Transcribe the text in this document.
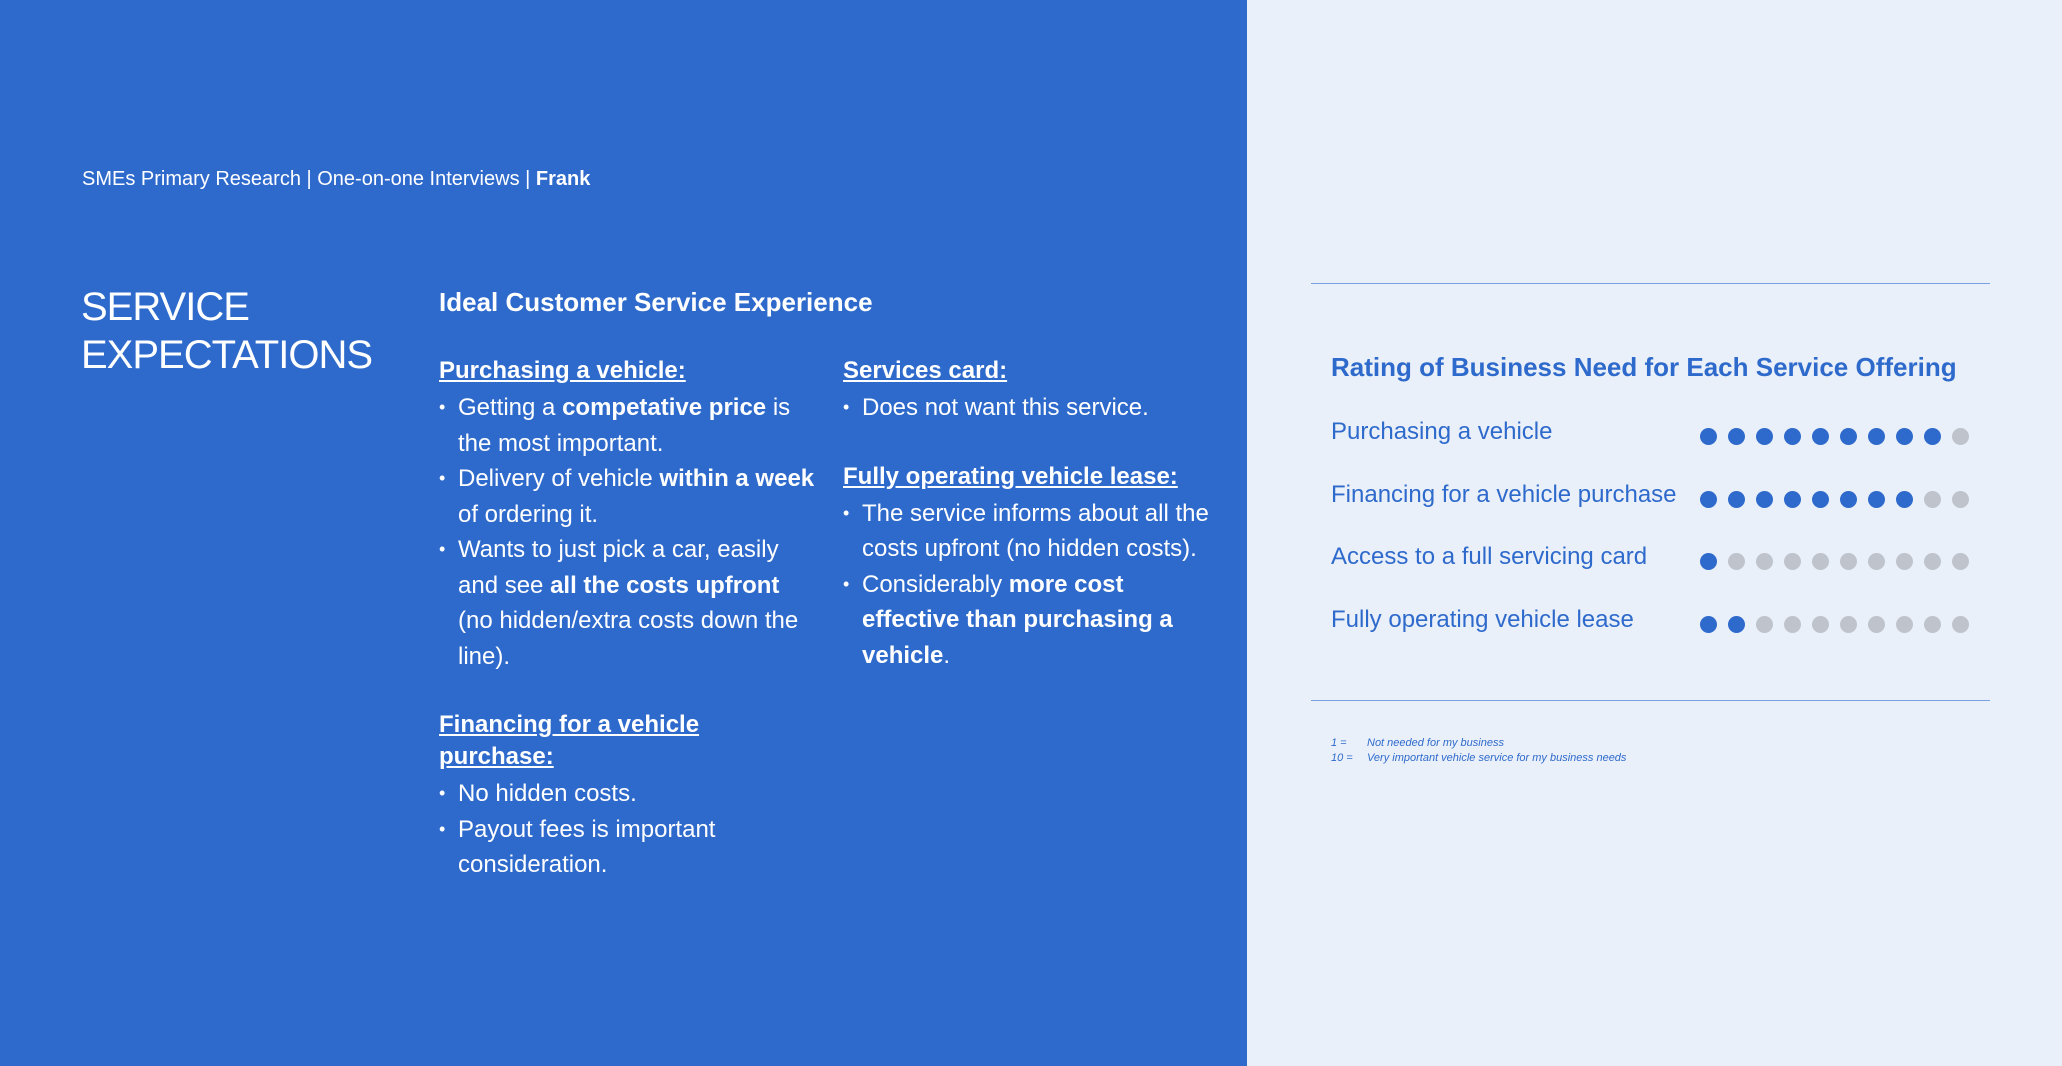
SMEs Primary Research | One-on-one Interviews | Frank
SERVICE
EXPECTATIONS
Ideal Customer Service Experience
Purchasing a vehicle:
• Getting a competative price is the most important.
• Delivery of vehicle within a week of ordering it.
• Wants to just pick a car, easily and see all the costs upfront (no hidden/extra costs down the line).
Financing for a vehicle purchase:
• No hidden costs.
• Payout fees is important consideration.
Services card:
• Does not want this service.
Fully operating vehicle lease:
• The service informs about all the costs upfront (no hidden costs).
• Considerably more cost effective than purchasing a vehicle.
Rating of Business Need for Each Service Offering
Purchasing a vehicle
Financing for a vehicle purchase
Access to a full servicing card
Fully operating vehicle lease
1 =	Not needed for my business
10 =	Very important vehicle service for my business needs
